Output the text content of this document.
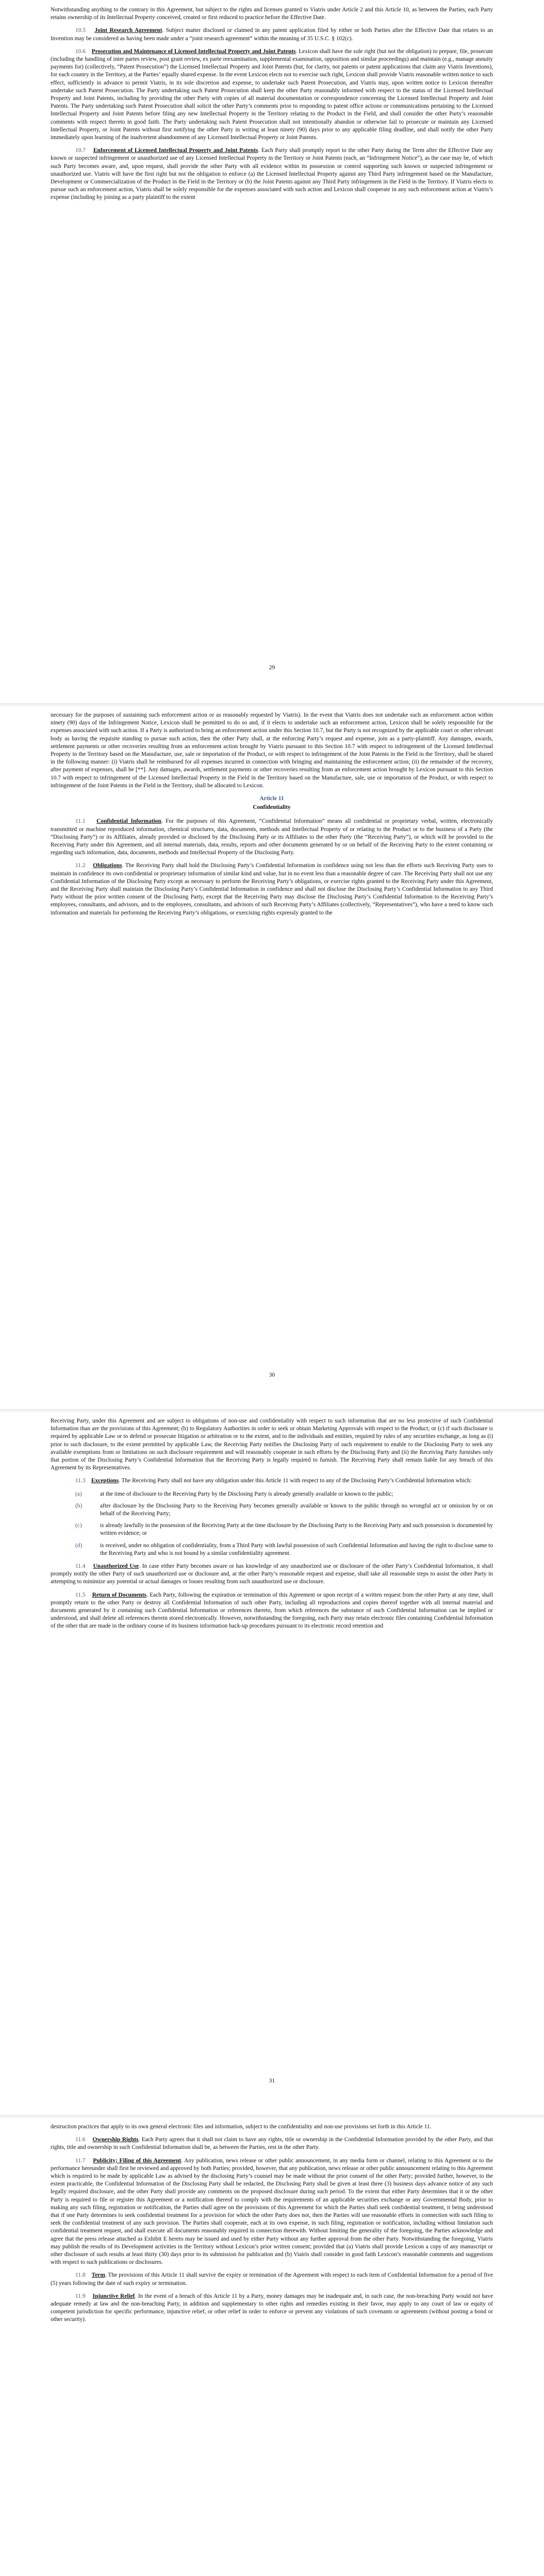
Notwithstanding anything to the contrary in this Agreement, but subject to the rights and licenses granted to Viatris under Article 2 and this Article 10, as between the Parties, each Party retains ownership of its Intellectual Property conceived, created or first reduced to practice before the Effective Date.

10.5 Joint Research Agreement. Subject matter disclosed or claimed in any patent application filed by either or both Parties after the Effective Date that relates to an Invention may be considered as having been made under a “joint research agreement” within the meaning of 35 U.S.C. § 102(c).

10.6 Prosecution and Maintenance of Licensed Intellectual Property and Joint Patents. Lexicon shall have the sole right (but not the obligation) to prepare, file, prosecute (including the handling of inter partes review, post grant review, ex parte reexamination, supplemental examination, opposition and similar proceedings) and maintain (e.g., manage annuity payments for) (collectively, “Patent Prosecution”) the Licensed Intellectual Property and Joint Patents (but, for clarity, not patents or patent applications that claim any Viatris Inventions), for each country in the Territory, at the Parties’ equally shared expense. In the event Lexicon elects not to exercise such right, Lexicon shall provide Viatris reasonable written notice to such effect, sufficiently in advance to permit Viatris, in its sole discretion and expense, to undertake such Patent Prosecution, and Viatris may, upon written notice to Lexicon thereafter undertake such Patent Prosecution. The Party undertaking such Patent Prosecution shall keep the other Party reasonably informed with respect to the status of the Licensed Intellectual Property and Joint Patents, including by providing the other Party with copies of all material documentation or correspondence concerning the Licensed Intellectual Property and Joint Patents. The Party undertaking such Patent Prosecution shall solicit the other Party’s comments prior to responding to patent office actions or communications pertaining to the Licensed Intellectual Property and Joint Patents before filing any new Intellectual Property in the Territory relating to the Product in the Field, and shall consider the other Party’s reasonable comments with respect thereto in good faith. The Party undertaking such Patent Prosecution shall not intentionally abandon or otherwise fail to prosecute or maintain any Licensed Intellectual Property, or Joint Patents without first notifying the other Party in writing at least ninety (90) days prior to any applicable filing deadline, and shall notify the other Party immediately upon learning of the inadvertent abandonment of any Licensed Intellectual Property or Joint Patents.

10.7 Enforcement of Licensed Intellectual Property and Joint Patents. Each Party shall promptly report to the other Party during the Term after the Effective Date any known or suspected infringement or unauthorized use of any Licensed Intellectual Property in the Territory or Joint Patents (each, an “Infringement Notice”), as the case may be, of which such Party becomes aware, and, upon request, shall provide the other Party with all evidence within its possession or control supporting such known or suspected infringement or unauthorized use. Viatris will have the first right but not the obligation to enforce (a) the Licensed Intellectual Property against any Third Party infringement based on the Manufacture, Development or Commercialization of the Product in the Field in the Territory or (b) the Joint Patents against any Third Party infringement in the Field in the Territory. If Viatris elects to pursue such an enforcement action, Viatris shall be solely responsible for the expenses associated with such action and Lexicon shall cooperate in any such enforcement action at Viatris’s expense (including by joining as a party plaintiff to the extent

29

necessary for the purposes of sustaining such enforcement action or as reasonably requested by Viatris). In the event that Viatris does not undertake such an enforcement action within ninety (90) days of the Infringement Notice, Lexicon shall be permitted to do so and, if it elects to undertake such an enforcement action, Lexicon shall be solely responsible for the expenses associated with such action. If a Party is authorized to bring an enforcement action under this Section 10.7, but the Party is not recognized by the applicable court or other relevant body as having the requisite standing to pursue such action, then the other Party shall, at the enforcing Party’s request and expense, join as a party-plaintiff. Any damages, awards, settlement payments or other recoveries resulting from an enforcement action brought by Viatris pursuant to this Section 10.7 with respect to infringement of the Licensed Intellectual Property in the Territory based on the Manufacture, use, sale or importation of the Product, or with respect to infringement of the Joint Patents in the Field in the Territory, shall be shared in the following manner: (i) Viatris shall be reimbursed for all expenses incurred in connection with bringing and maintaining the enforcement action; (ii) the remainder of the recovery, after payment of expenses, shall be [**]. Any damages, awards, settlement payments or other recoveries resulting from an enforcement action brought by Lexicon pursuant to this Section 10.7 with respect to infringement of the Licensed Intellectual Property in the Field in the Territory based on the Manufacture, sale, use or importation of the Product, or with respect to infringement of the Joint Patents in the Field in the Territory, shall be allocated to Lexicon.

Article 11
Confidentiality

11.1 Confidential Information. For the purposes of this Agreement, “Confidential Information” means all confidential or proprietary verbal, written, electronically transmitted or machine reproduced information, chemical structures, data, documents, methods and Intellectual Property of or relating to the Product or to the business of a Party (the “Disclosing Party”) or its Affiliates, already provided or disclosed by the Disclosing Party or its Affiliates to the other Party (the “Receiving Party”), or which will be provided to the Receiving Party under this Agreement, and all internal materials, data, results, reports and other documents generated by or on behalf of the Receiving Party to the extent containing or regarding such information, data, documents, methods and Intellectual Property of the Disclosing Party.

11.2 Obligations. The Receiving Party shall hold the Disclosing Party’s Confidential Information in confidence using not less than the efforts such Receiving Party uses to maintain in confidence its own confidential or proprietary information of similar kind and value, but in no event less than a reasonable degree of care. The Receiving Party shall not use any Confidential Information of the Disclosing Party except as necessary to perform the Receiving Party’s obligations, or exercise rights granted to the Receiving Party under this Agreement, and the Receiving Party shall maintain the Disclosing Party’s Confidential Information in confidence and shall not disclose the Disclosing Party’s Confidential Information to any Third Party without the prior written consent of the Disclosing Party, except that the Receiving Party may disclose the Disclosing Party’s Confidential Information to the Receiving Party’s employees, consultants, and advisors, and to the employees, consultants, and advisors of such Receiving Party’s Affiliates (collectively, “Representatives”), who have a need to know such information and materials for performing the Receiving Party’s obligations, or exercising rights expressly granted to the

30

Receiving Party, under this Agreement and are subject to obligations of non-use and confidentiality with respect to such information that are no less protective of such Confidential Information than are the provisions of this Agreement; (b) to Regulatory Authorities in order to seek or obtain Marketing Approvals with respect to the Product; or (c) if such disclosure is required by applicable Law or to defend or prosecute litigation or arbitration or to the extent, and to the individuals and entities, required by rules of any securities exchange, as long as (i) prior to such disclosure, to the extent permitted by applicable Law, the Receiving Party notifies the Disclosing Party of such requirement to enable to the Disclosing Party to seek any available exemptions from or limitations on such disclosure requirement and will reasonably cooperate in such efforts by the Disclosing Party and (ii) the Receiving Party furnishes only that portion of the Disclosing Party’s Confidential Information that the Receiving Party is legally required to furnish. The Receiving Party shall remain liable for any breach of this Agreement by its Representatives.

11.3 Exceptions. The Receiving Party shall not have any obligation under this Article 11 with respect to any of the Disclosing Party’s Confidential Information which:

(a)	at the time of disclosure to the Receiving Party by the Disclosing Party is already generally available or known to the public;
(b)	after disclosure by the Disclosing Party to the Receiving Party becomes generally available or known to the public through no wrongful act or omission by or on behalf of the Receiving Party;
(c)	is already lawfully in the possession of the Receiving Party at the time disclosure by the Disclosing Party to the Receiving Party and such possession is documented by written evidence; or
(d)	is received, under no obligation of confidentiality, from a Third Party with lawful possession of such Confidential Information and having the right to disclose same to the Receiving Party and who is not bound by a similar confidentiality agreement.

11.4 Unauthorized Use. In case either Party becomes aware or has knowledge of any unauthorized use or disclosure of the other Party’s Confidential Information, it shall promptly notify the other Party of such unauthorized use or disclosure and, at the other Party’s reasonable request and expense, shall take all reasonable steps to assist the other Party in attempting to minimize any potential or actual damages or losses resulting from such unauthorized use or disclosure.

11.5 Return of Documents. Each Party, following the expiration or termination of this Agreement or upon receipt of a written request from the other Party at any time, shall promptly return to the other Party or destroy all Confidential Information of such other Party, including all reproductions and copies thereof together with all internal material and documents generated by it containing such Confidential Information or references thereto, from which references the substance of such Confidential Information can be implied or understood, and shall delete all references therein stored electronically. However, notwithstanding the foregoing, each Party may retain electronic files containing Confidential Information of the other that are made in the ordinary course of its business information back-up procedures pursuant to its electronic record retention and

31

destruction practices that apply to its own general electronic files and information, subject to the confidentiality and non-use provisions set forth in this Article 11.

11.6 Ownership Rights. Each Party agrees that it shall not claim to have any rights, title or ownership in the Confidential Information provided by the other Party, and that rights, title and ownership in such Confidential Information shall be, as between the Parties, rest in the other Party.

11.7 Publicity; Filing of this Agreement. Any publication, news release or other public announcement, in any media form or channel, relating to this Agreement or to the performance hereunder shall first be reviewed and approved by both Parties; provided, however, that any publication, news release or other public announcement relating to this Agreement which is required to be made by applicable Law as advised by the disclosing Party’s counsel may be made without the prior consent of the other Party; provided further, however, to the extent practicable, the Confidential Information of the Disclosing Party shall be redacted, the Disclosing Party shall be given at least three (3) business days advance notice of any such legally required disclosure, and the other Party shall provide any comments on the proposed disclosure during such period. To the extent that either Party determines that it or the other Party is required to file or register this Agreement or a notification thereof to comply with the requirements of an applicable securities exchange or any Governmental Body, prior to making any such filing, registration or notification, the Parties shall agree on the provisions of this Agreement for which the Parties shall seek confidential treatment, it being understood that if one Party determines to seek confidential treatment for a provision for which the other Party does not, then the Parties will use reasonable efforts in connection with such filing to seek the confidential treatment of any such provision. The Parties shall cooperate, each at its own expense, in such filing, registration or notification, including without limitation such confidential treatment request, and shall execute all documents reasonably required in connection therewith. Without limiting the generality of the foregoing, the Parties acknowledge and agree that the press release attached as Exhibit E hereto may be issued and used by either Party without any further approval from the other Party. Notwithstanding the foregoing, Viatris may publish the results of its Development activities in the Territory without Lexicon’s prior written consent; provided that (a) Viatris shall provide Lexicon a copy of any manuscript or other disclosure of such results at least thirty (30) days prior to its submission for publication and (b) Viatris shall consider in good faith Lexicon’s reasonable comments and suggestions with respect to such publications or disclosures.

11.8 Term. The provisions of this Article 11 shall survive the expiry or termination of the Agreement with respect to each item of Confidential Information for a period of five (5) years following the date of such expiry or termination.

11.9 Injunctive Relief. In the event of a breach of this Article 11 by a Party, money damages may be inadequate and, in such case, the non-breaching Party would not have adequate remedy at law and the non-breaching Party, in addition and supplementary to other rights and remedies existing in their favor, may apply to any court of law or equity of competent jurisdiction for specific performance, injunctive relief, or other relief in order to enforce or prevent any violations of such covenants or agreements (without posting a bond or other security).
